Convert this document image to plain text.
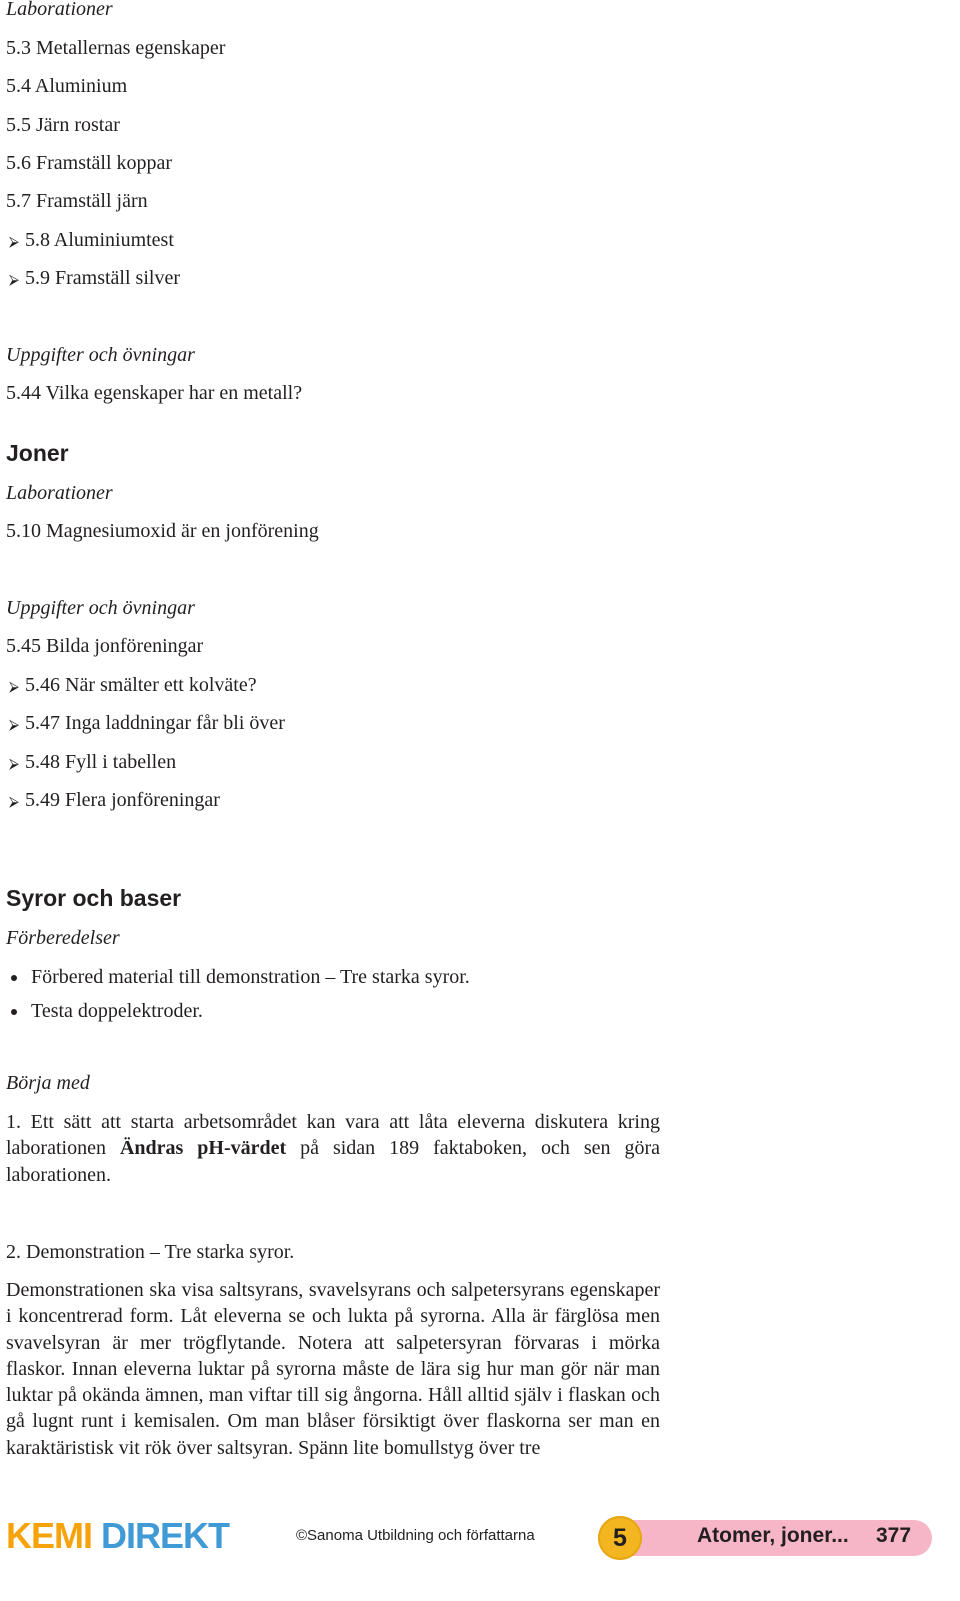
Laborationer
5.3 Metallernas egenskaper
5.4 Aluminium
5.5 Järn rostar
5.6 Framställ koppar
5.7 Framställ järn
⮚ 5.8 Aluminiumtest
⮚ 5.9 Framställ silver
Uppgifter och övningar
5.44 Vilka egenskaper har en metall?
Joner
Laborationer
5.10 Magnesiumoxid är en jonförening
Uppgifter och övningar
5.45 Bilda jonföreningar
⮚ 5.46 När smälter ett kolväte?
⮚ 5.47 Inga laddningar får bli över
⮚ 5.48 Fyll i tabellen
⮚ 5.49 Flera jonföreningar
Syror och baser
Förberedelser
Förbered material till demonstration – Tre starka syror.
Testa doppelektroder.
Börja med

1. Ett sätt att starta arbetsområdet kan vara att låta eleverna diskutera kring laborationen Ändras pH-värdet på sidan 189 faktaboken, och sen göra laborationen.

2. Demonstration – Tre starka syror.

Demonstrationen ska visa saltsyrans, svavelsyrans och salpetersyrans egenskaper i koncentrerad form. Låt eleverna se och lukta på syrorna. Alla är färglösa men svavelsyran är mer trögflytande. Notera att salpetersyran förvaras i mörka flaskor. Innan eleverna luktar på syrorna måste de lära sig hur man gör när man luktar på okända ämnen, man viftar till sig ångorna. Håll alltid själv i flaskan och gå lugnt runt i kemisalen. Om man blåser försiktigt över flaskorna ser man en karaktäristisk vit rök över saltsyran. Spänn lite bomullstyg över tre

KEMI DIREKT	©Sanoma Utbildning och författarna	5	Atomer, joner... 377
